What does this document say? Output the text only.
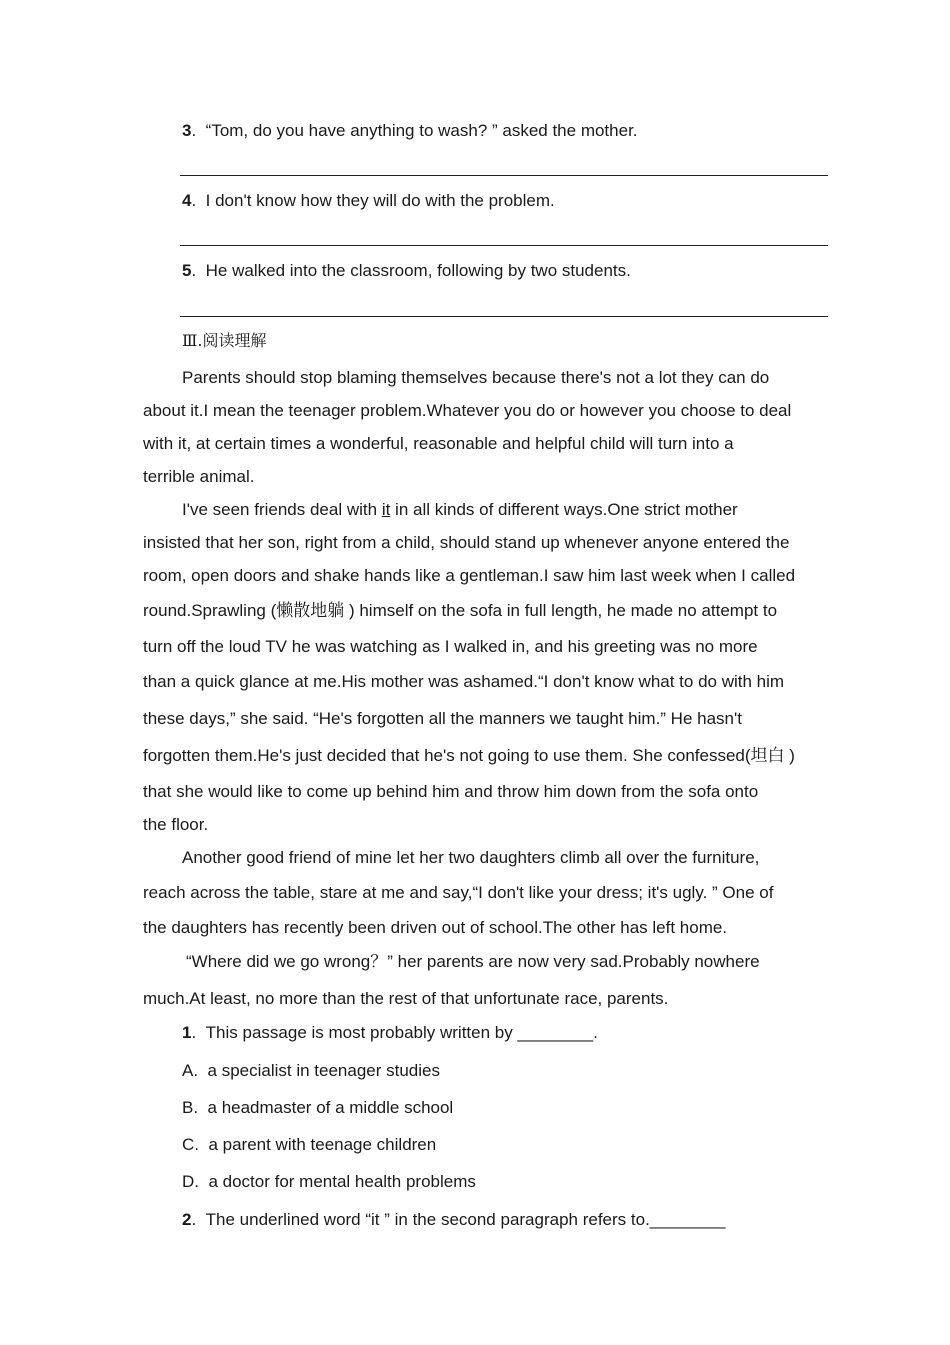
3. “Tom, do you have anything to wash? ” asked the mother.
4. I don't know how they will do with the problem.
5. He walked into the classroom, following by two students.
Ⅲ.阅读理解
Parents should stop blaming themselves because there's not a lot they can do
about it.I mean the teenager problem.Whatever you do or however you choose to deal
with it, at certain times a wonderful, reasonable and helpful child will turn into a
terrible animal.
I've seen friends deal with it in all kinds of different ways.One strict mother
insisted that her son, right from a child, should stand up whenever anyone entered the
room, open doors and shake hands like a gentleman.I saw him last week when I called
round.Sprawling (懒散地躺 ) himself on the sofa in full length, he made no attempt to
turn off the loud TV he was watching as I walked in, and his greeting was no more
than a quick glance at me.His mother was ashamed.“I don't know what to do with him
these days,” she said. “He's forgotten all the manners we taught him.” He hasn't
forgotten them.He's just decided that he's not going to use them. She confessed(坦白 )
that she would like to come up behind him and throw him down from the sofa onto
the floor.
Another good friend of mine let her two daughters climb all over the furniture,
reach across the table, stare at me and say,“I don't like your dress; it's ugly. ” One of
the daughters has recently been driven out of school.The other has left home.
“Where did we go wrong？” her parents are now very sad.Probably nowhere
much.At least, no more than the rest of that unfortunate race, parents.
1. This passage is most probably written by ________.
A. a specialist in teenager studies
B. a headmaster of a middle school
C. a parent with teenage children
D. a doctor for mental health problems
2. The underlined word “it ” in the second paragraph refers to.________
